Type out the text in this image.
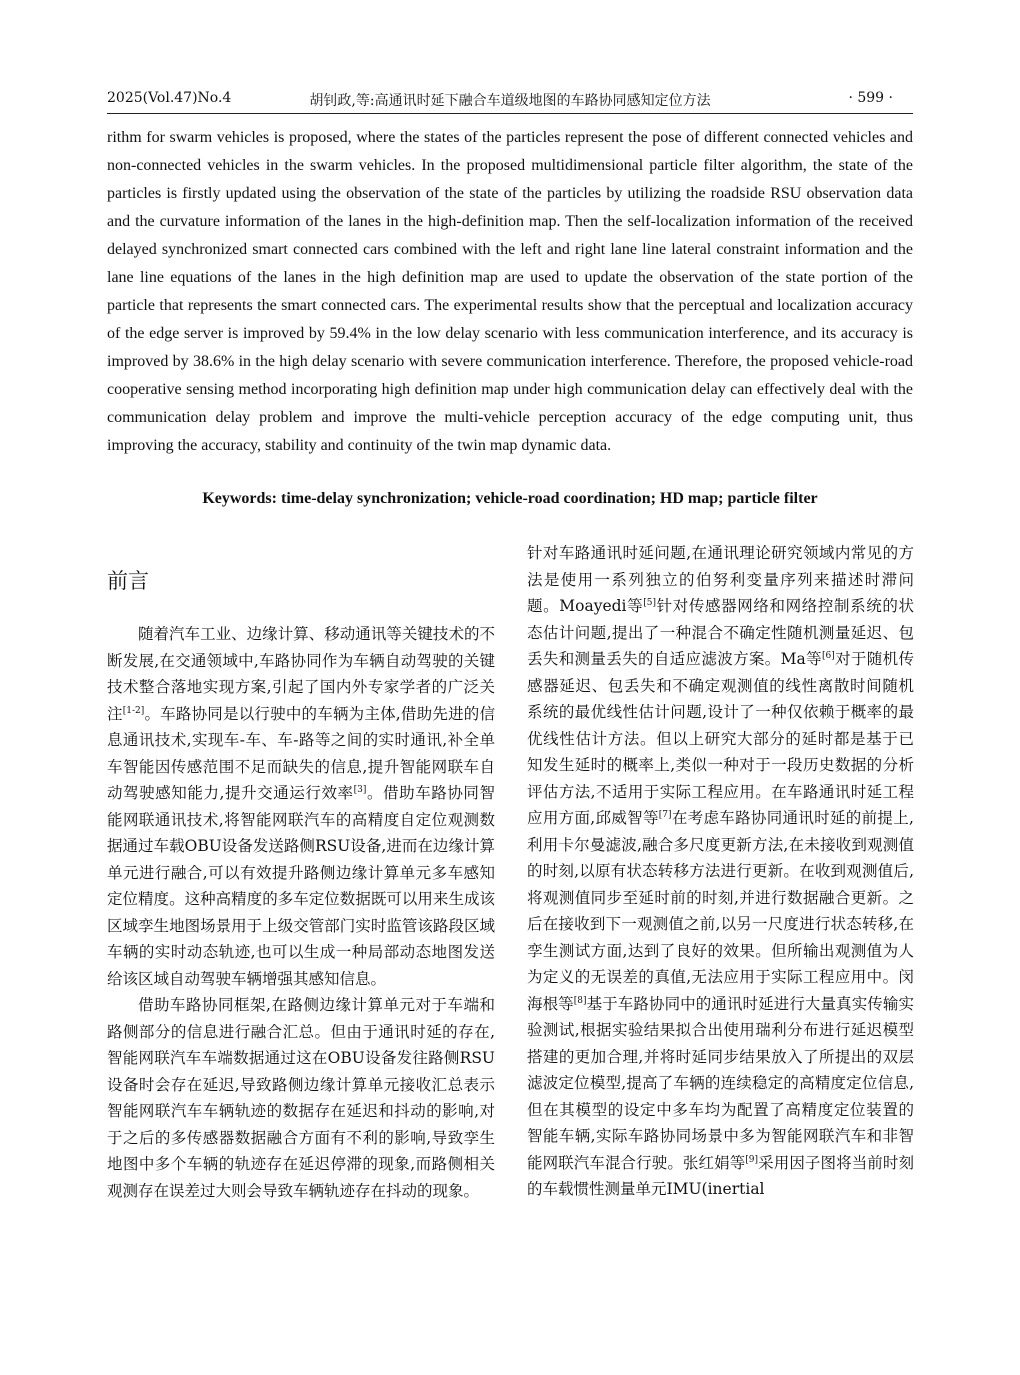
2025(Vol.47)No.4	胡钊政,等:高通讯时延下融合车道级地图的车路协同感知定位方法	· 599 ·
rithm for swarm vehicles is proposed, where the states of the particles represent the pose of different connected vehicles and non-connected vehicles in the swarm vehicles. In the proposed multidimensional particle filter algorithm, the state of the particles is firstly updated using the observation of the state of the particles by utilizing the roadside RSU observation data and the curvature information of the lanes in the high-definition map. Then the self-localization information of the received delayed synchronized smart connected cars combined with the left and right lane line lateral constraint information and the lane line equations of the lanes in the high definition map are used to update the observation of the state portion of the particle that represents the smart connected cars. The experimental results show that the perceptual and localization accuracy of the edge server is improved by 59.4% in the low delay scenario with less communication interference, and its accuracy is improved by 38.6% in the high delay scenario with severe communication interference. Therefore, the proposed vehicle-road cooperative sensing method incorporating high definition map under high communication delay can effectively deal with the communication delay problem and improve the multi-vehicle perception accuracy of the edge computing unit, thus improving the accuracy, stability and continuity of the twin map dynamic data.
Keywords: time-delay synchronization; vehicle-road coordination; HD map; particle filter
前言

随着汽车工业、边缘计算、移动通讯等关键技术的不断发展,在交通领域中,车路协同作为车辆自动驾驶的关键技术整合落地实现方案,引起了国内外专家学者的广泛关注[1-2]。车路协同是以行驶中的车辆为主体,借助先进的信息通讯技术,实现车-车、车-路等之间的实时通讯,补全单车智能因传感范围不足而缺失的信息,提升智能网联车自动驾驶感知能力,提升交通运行效率[3]。借助车路协同智能网联通讯技术,将智能网联汽车的高精度自定位观测数据通过车载OBU设备发送路侧RSU设备,进而在边缘计算单元进行融合,可以有效提升路侧边缘计算单元多车感知定位精度。这种高精度的多车定位数据既可以用来生成该区域孪生地图场景用于上级交管部门实时监管该路段区域车辆的实时动态轨迹,也可以生成一种局部动态地图发送给该区域自动驾驶车辆增强其感知信息。

借助车路协同框架,在路侧边缘计算单元对于车端和路侧部分的信息进行融合汇总。但由于通讯时延的存在,智能网联汽车车端数据通过这在OBU设备发往路侧RSU设备时会存在延迟,导致路侧边缘计算单元接收汇总表示智能网联汽车车辆轨迹的数据存在延迟和抖动的影响,对于之后的多传感器数据融合方面有不利的影响,导致孪生地图中多个车辆的轨迹存在延迟停滞的现象,而路侧相关观测存在误差过大则会导致车辆轨迹存在抖动的现象。

针对车路通讯时延问题,在通讯理论研究领域内常见的方法是使用一系列独立的伯努利变量序列来描述时滞问题。Moayedi等[5]针对传感器网络和网络控制系统的状态估计问题,提出了一种混合不确定性随机测量延迟、包丢失和测量丢失的自适应滤波方案。Ma等[6]对于随机传感器延迟、包丢失和不确定观测值的线性离散时间随机系统的最优线性估计问题,设计了一种仅依赖于概率的最优线性估计方法。但以上研究大部分的延时都是基于已知发生延时的概率上,类似一种对于一段历史数据的分析评估方法,不适用于实际工程应用。在车路通讯时延工程应用方面,邱威智等[7]在考虑车路协同通讯时延的前提上,利用卡尔曼滤波,融合多尺度更新方法,在未接收到观测值的时刻,以原有状态转移方法进行更新。在收到观测值后,将观测值同步至延时前的时刻,并进行数据融合更新。之后在接收到下一观测值之前,以另一尺度进行状态转移,在孪生测试方面,达到了良好的效果。但所输出观测值为人为定义的无误差的真值,无法应用于实际工程应用中。闵海根等[8]基于车路协同中的通讯时延进行大量真实传输实验测试,根据实验结果拟合出使用瑞利分布进行延迟模型搭建的更加合理,并将时延同步结果放入了所提出的双层滤波定位模型,提高了车辆的连续稳定的高精度定位信息,但在其模型的设定中多车均为配置了高精度定位装置的智能车辆,实际车路协同场景中多为智能网联汽车和非智能网联汽车混合行驶。张红娟等[9]采用因子图将当前时刻的车载惯性测量单元IMU(inertial
